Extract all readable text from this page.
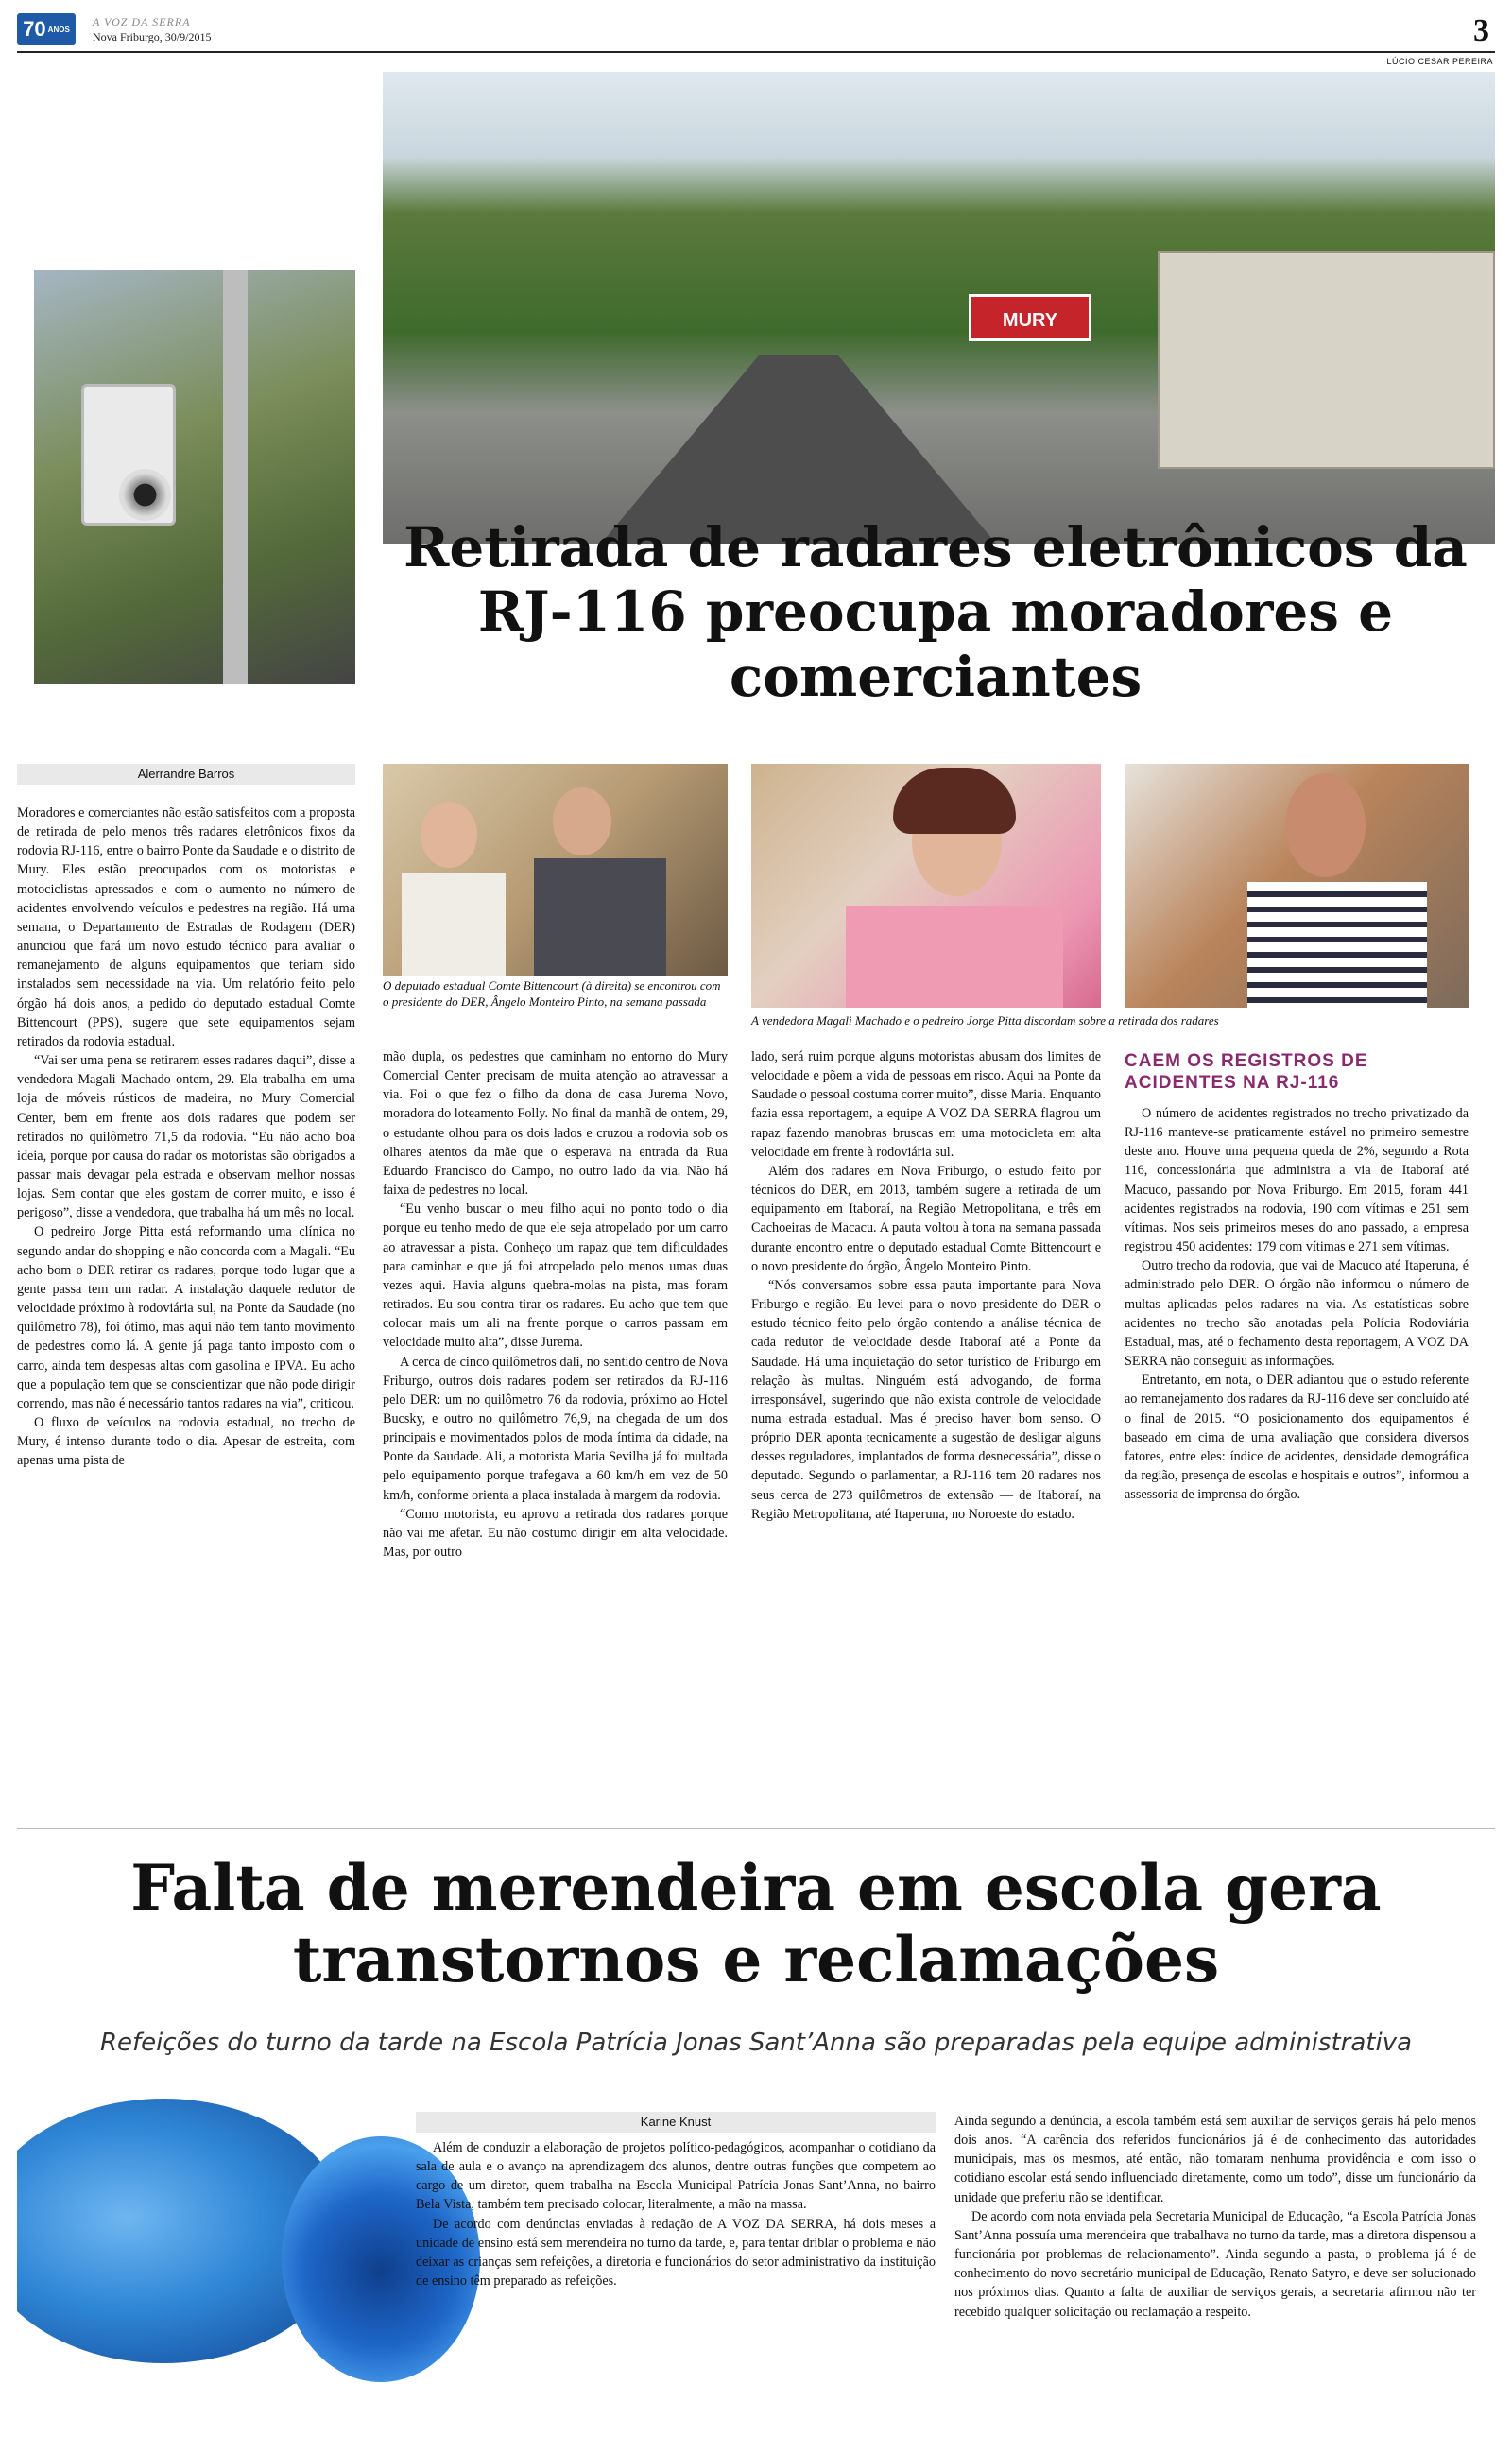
70 ANOS
A VOZ DA SERRA
Nova Friburgo, 30/9/2015	3
LÚCIO CESAR PEREIRA
MURY
Retirada de radares eletrônicos da RJ-116 preocupa moradores e comerciantes
Alerrandre Barros

Moradores e comerciantes não estão satisfeitos com a proposta de retirada de pelo menos três radares eletrônicos fixos da rodovia RJ-116, entre o bairro Ponte da Saudade e o distrito de Mury. Eles estão preocupados com os motoristas e motociclistas apressados e com o aumento no número de acidentes envolvendo veículos e pedestres na região. Há uma semana, o Departamento de Estradas de Rodagem (DER) anunciou que fará um novo estudo técnico para avaliar o remanejamento de alguns equipamentos que teriam sido instalados sem necessidade na via. Um relatório feito pelo órgão há dois anos, a pedido do deputado estadual Comte Bittencourt (PPS), sugere que sete equipamentos sejam retirados da rodovia estadual.

“Vai ser uma pena se retirarem esses radares daqui”, disse a vendedora Magali Machado ontem, 29. Ela trabalha em uma loja de móveis rústicos de madeira, no Mury Comercial Center, bem em frente aos dois radares que podem ser retirados no quilômetro 71,5 da rodovia. “Eu não acho boa ideia, porque por causa do radar os motoristas são obrigados a passar mais devagar pela estrada e observam melhor nossas lojas. Sem contar que eles gostam de correr muito, e isso é perigoso”, disse a vendedora, que trabalha há um mês no local.

O pedreiro Jorge Pitta está reformando uma clínica no segundo andar do shopping e não concorda com a Magali. “Eu acho bom o DER retirar os radares, porque todo lugar que a gente passa tem um radar. A instalação daquele redutor de velocidade próximo à rodoviária sul, na Ponte da Saudade (no quilômetro 78), foi ótimo, mas aqui não tem tanto movimento de pedestres como lá. A gente já paga tanto imposto com o carro, ainda tem despesas altas com gasolina e IPVA. Eu acho que a população tem que se conscientizar que não pode dirigir correndo, mas não é necessário tantos radares na via”, criticou.

O fluxo de veículos na rodovia estadual, no trecho de Mury, é intenso durante todo o dia. Apesar de estreita, com apenas uma pista de

O deputado estadual Comte Bittencourt (à direita) se encontrou com o presidente do DER, Ângelo Monteiro Pinto, na semana passada
A vendedora Magali Machado e o pedreiro Jorge Pitta discordam sobre a retirada dos radares

mão dupla, os pedestres que caminham no entorno do Mury Comercial Center precisam de muita atenção ao atravessar a via. Foi o que fez o filho da dona de casa Jurema Novo, moradora do loteamento Folly. No final da manhã de ontem, 29, o estudante olhou para os dois lados e cruzou a rodovia sob os olhares atentos da mãe que o esperava na entrada da Rua Eduardo Francisco do Campo, no outro lado da via. Não há faixa de pedestres no local.

“Eu venho buscar o meu filho aqui no ponto todo o dia porque eu tenho medo de que ele seja atropelado por um carro ao atravessar a pista. Conheço um rapaz que tem dificuldades para caminhar e que já foi atropelado pelo menos umas duas vezes aqui. Havia alguns quebra-molas na pista, mas foram retirados. Eu sou contra tirar os radares. Eu acho que tem que colocar mais um ali na frente porque o carros passam em velocidade muito alta”, disse Jurema.

A cerca de cinco quilômetros dali, no sentido centro de Nova Friburgo, outros dois radares podem ser retirados da RJ-116 pelo DER: um no quilômetro 76 da rodovia, próximo ao Hotel Bucsky, e outro no quilômetro 76,9, na chegada de um dos principais e movimentados polos de moda íntima da cidade, na Ponte da Saudade. Ali, a motorista Maria Sevilha já foi multada pelo equipamento porque trafegava a 60 km/h em vez de 50 km/h, conforme orienta a placa instalada à margem da rodovia.

“Como motorista, eu aprovo a retirada dos radares porque não vai me afetar. Eu não costumo dirigir em alta velocidade. Mas, por outro

lado, será ruim porque alguns motoristas abusam dos limites de velocidade e põem a vida de pessoas em risco. Aqui na Ponte da Saudade o pessoal costuma correr muito”, disse Maria. Enquanto fazia essa reportagem, a equipe A VOZ DA SERRA flagrou um rapaz fazendo manobras bruscas em uma motocicleta em alta velocidade em frente à rodoviária sul.

Além dos radares em Nova Friburgo, o estudo feito por técnicos do DER, em 2013, também sugere a retirada de um equipamento em Itaboraí, na Região Metropolitana, e três em Cachoeiras de Macacu. A pauta voltou à tona na semana passada durante encontro entre o deputado estadual Comte Bittencourt e o novo presidente do órgão, Ângelo Monteiro Pinto.

“Nós conversamos sobre essa pauta importante para Nova Friburgo e região. Eu levei para o novo presidente do DER o estudo técnico feito pelo órgão contendo a análise técnica de cada redutor de velocidade desde Itaboraí até a Ponte da Saudade. Há uma inquietação do setor turístico de Friburgo em relação às multas. Ninguém está advogando, de forma irresponsável, sugerindo que não exista controle de velocidade numa estrada estadual. Mas é preciso haver bom senso. O próprio DER aponta tecnicamente a sugestão de desligar alguns desses reguladores, implantados de forma desnecessária”, disse o deputado. Segundo o parlamentar, a RJ-116 tem 20 radares nos seus cerca de 273 quilômetros de extensão — de Itaboraí, na Região Metropolitana, até Itaperuna, no Noroeste do estado.

CAEM OS REGISTROS DE ACIDENTES NA RJ-116

O número de acidentes registrados no trecho privatizado da RJ-116 manteve-se praticamente estável no primeiro semestre deste ano. Houve uma pequena queda de 2%, segundo a Rota 116, concessionária que administra a via de Itaboraí até Macuco, passando por Nova Friburgo. Em 2015, foram 441 acidentes registrados na rodovia, 190 com vítimas e 251 sem vítimas. Nos seis primeiros meses do ano passado, a empresa registrou 450 acidentes: 179 com vítimas e 271 sem vítimas.

Outro trecho da rodovia, que vai de Macuco até Itaperuna, é administrado pelo DER. O órgão não informou o número de multas aplicadas pelos radares na via. As estatísticas sobre acidentes no trecho são anotadas pela Polícia Rodoviária Estadual, mas, até o fechamento desta reportagem, A VOZ DA SERRA não conseguiu as informações.

Entretanto, em nota, o DER adiantou que o estudo referente ao remanejamento dos radares da RJ-116 deve ser concluído até o final de 2015. “O posicionamento dos equipamentos é baseado em cima de uma avaliação que considera diversos fatores, entre eles: índice de acidentes, densidade demográfica da região, presença de escolas e hospitais e outros”, informou a assessoria de imprensa do órgão.

Falta de merendeira em escola gera transtornos e reclamações
Refeições do turno da tarde na Escola Patrícia Jonas Sant’Anna são preparadas pela equipe administrativa
Karine Knust

Além de conduzir a elaboração de projetos político-pedagógicos, acompanhar o cotidiano da sala de aula e o avanço na aprendizagem dos alunos, dentre outras funções que competem ao cargo de um diretor, quem trabalha na Escola Municipal Patrícia Jonas Sant’Anna, no bairro Bela Vista, também tem precisado colocar, literalmente, a mão na massa.

De acordo com denúncias enviadas à redação de A VOZ DA SERRA, há dois meses a unidade de ensino está sem merendeira no turno da tarde, e, para tentar driblar o problema e não deixar as crianças sem refeições, a diretoria e funcionários do setor administrativo da instituição de ensino têm preparado as refeições.

Ainda segundo a denúncia, a escola também está sem auxiliar de serviços gerais há pelo menos dois anos. “A carência dos referidos funcionários já é de conhecimento das autoridades municipais, mas os mesmos, até então, não tomaram nenhuma providência e com isso o cotidiano escolar está sendo influenciado diretamente, como um todo”, disse um funcionário da unidade que preferiu não se identificar.

De acordo com nota enviada pela Secretaria Municipal de Educação, “a Escola Patrícia Jonas Sant’Anna possuía uma merendeira que trabalhava no turno da tarde, mas a diretora dispensou a funcionária por problemas de relacionamento”. Ainda segundo a pasta, o problema já é de conhecimento do novo secretário municipal de Educação, Renato Satyro, e deve ser solucionado nos próximos dias. Quanto a falta de auxiliar de serviços gerais, a secretaria afirmou não ter recebido qualquer solicitação ou reclamação a respeito.
